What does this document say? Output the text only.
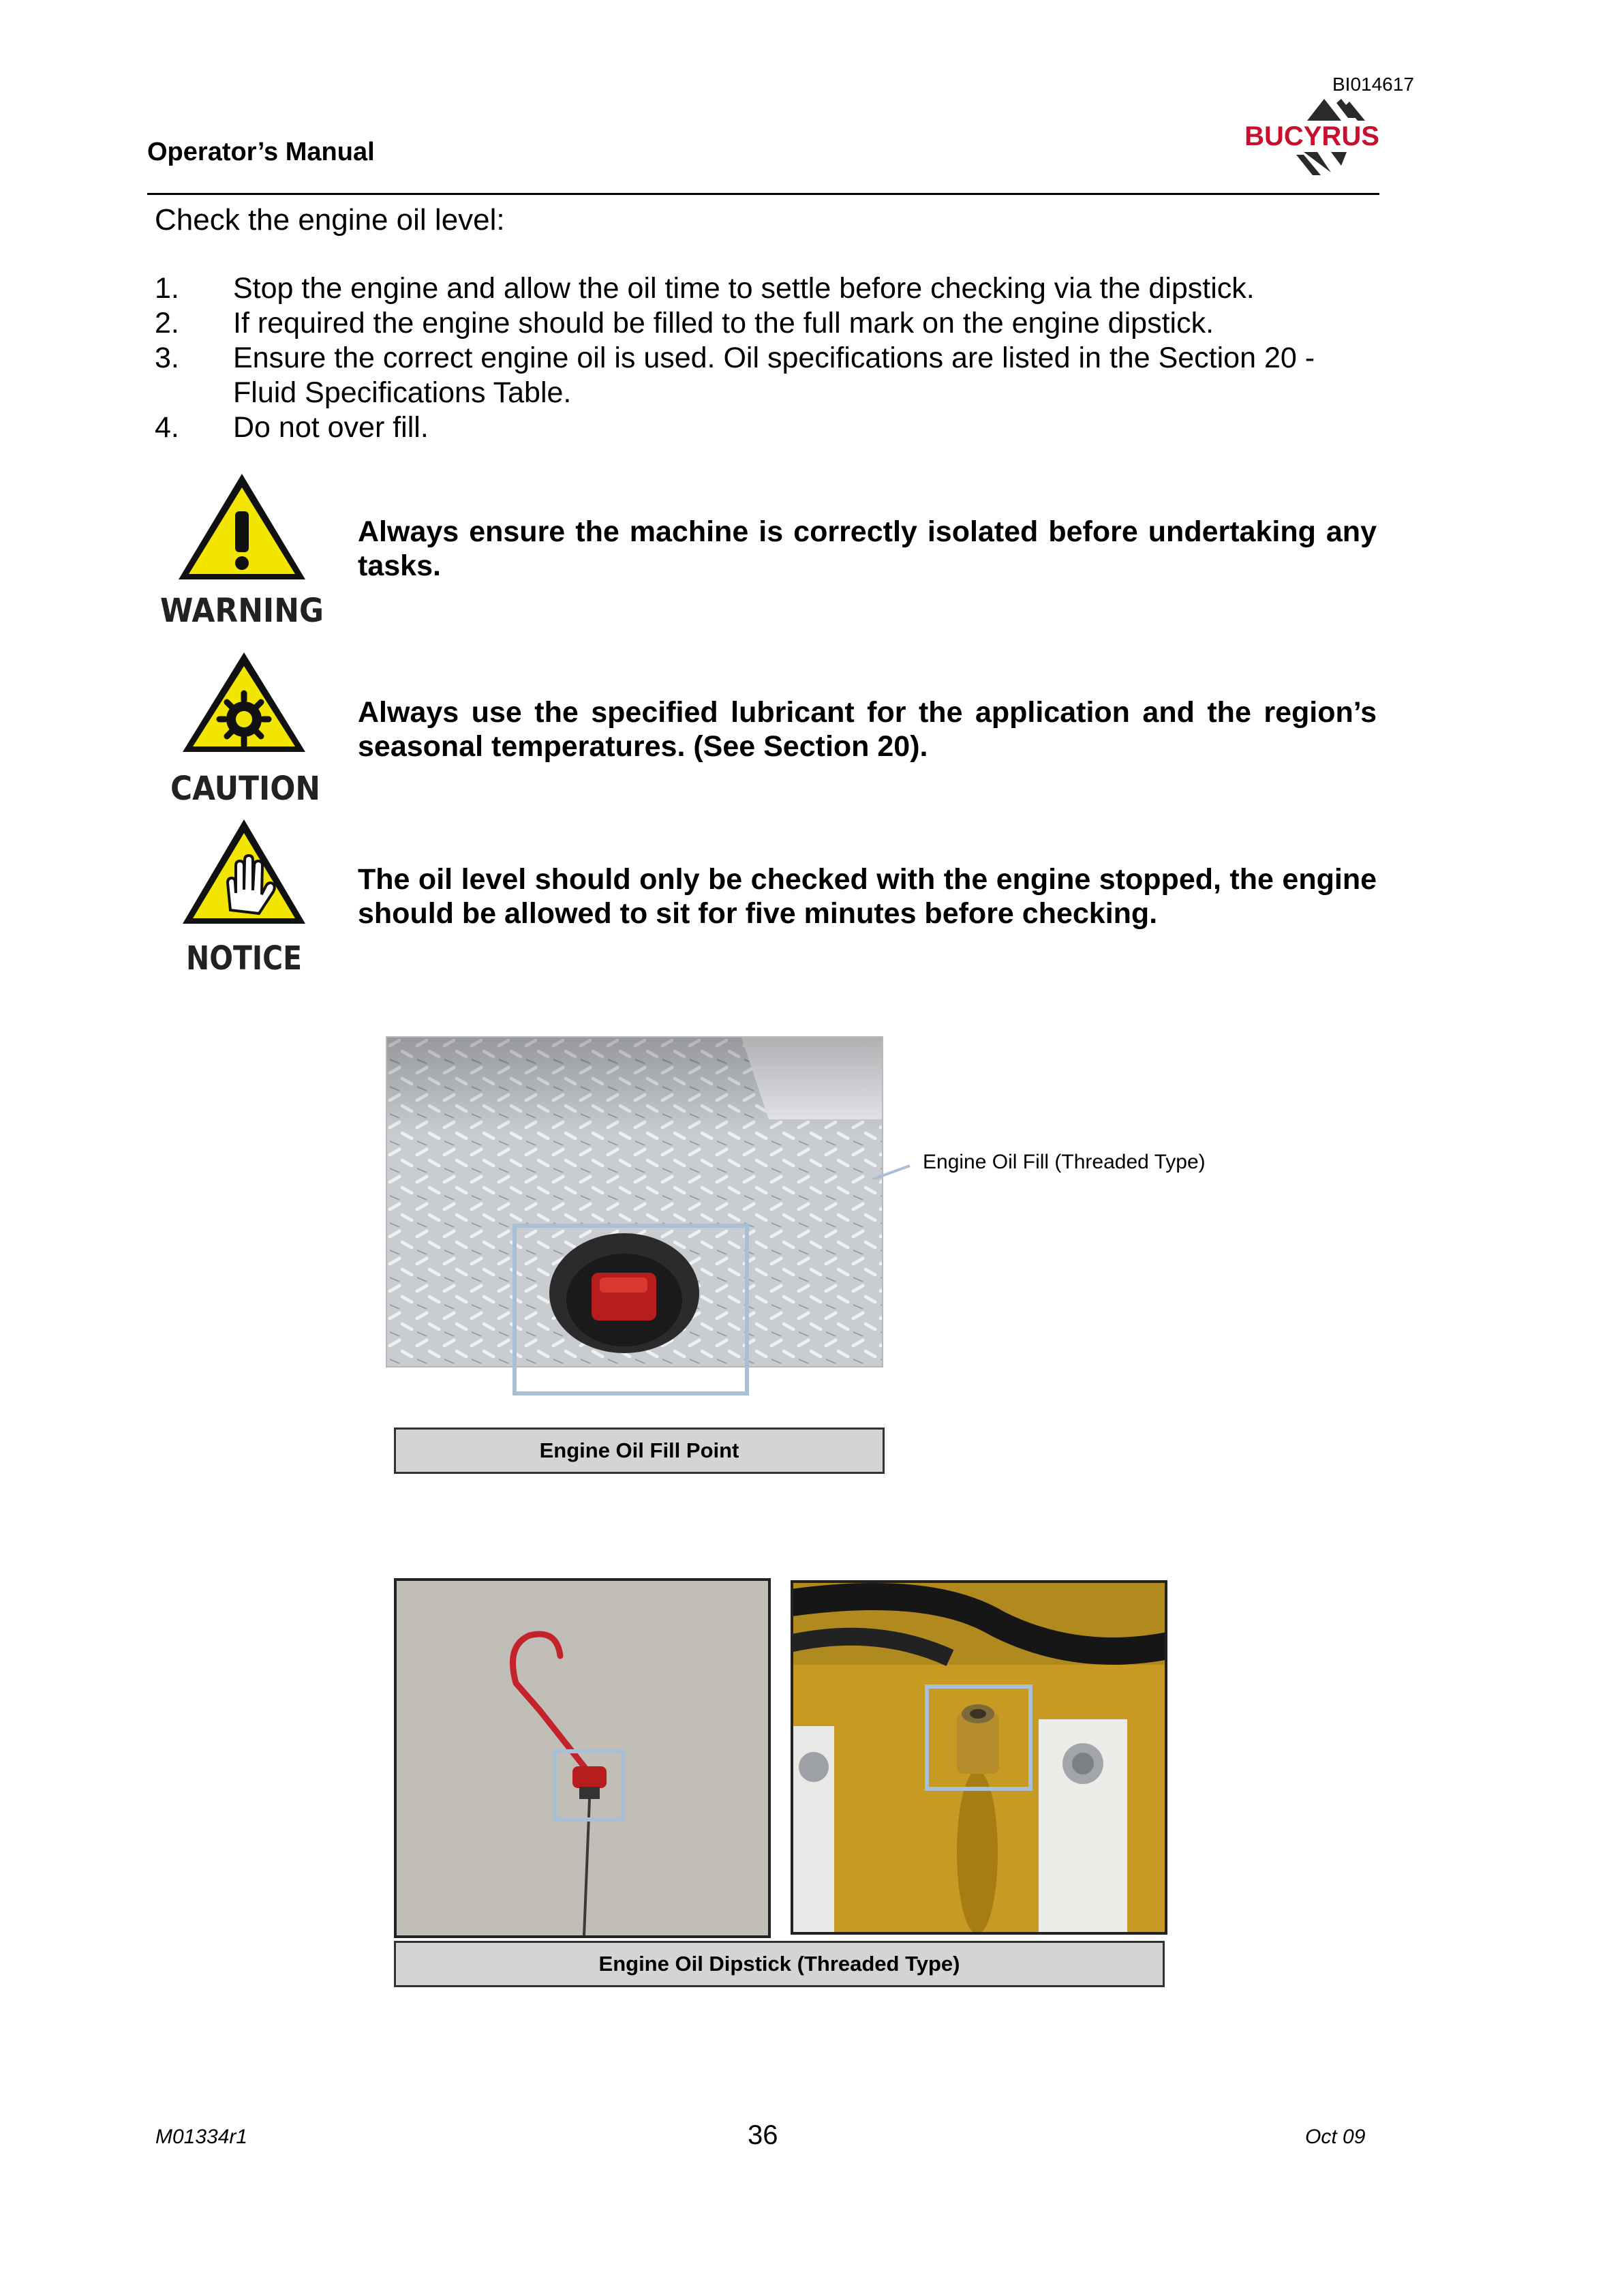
BI014617
BUCYRUS
Operator’s Manual
Check the engine oil level:
1. Stop the engine and allow the oil time to settle before checking via the dipstick.
2. If required the engine should be filled to the full mark on the engine dipstick.
3. Ensure the correct engine oil is used. Oil specifications are listed in the Section 20 - Fluid Specifications Table.
4. Do not over fill.
WARNING
Always ensure the machine is correctly isolated before undertaking any tasks.
CAUTION
Always use the specified lubricant for the application and the region’s seasonal temperatures. (See Section 20).
NOTICE
The oil level should only be checked with the engine stopped, the engine should be allowed to sit for five minutes before checking.
Engine Oil Fill (Threaded Type)
Engine Oil Fill Point
Engine Oil Dipstick (Threaded Type)
M01334r1	36	Oct 09
